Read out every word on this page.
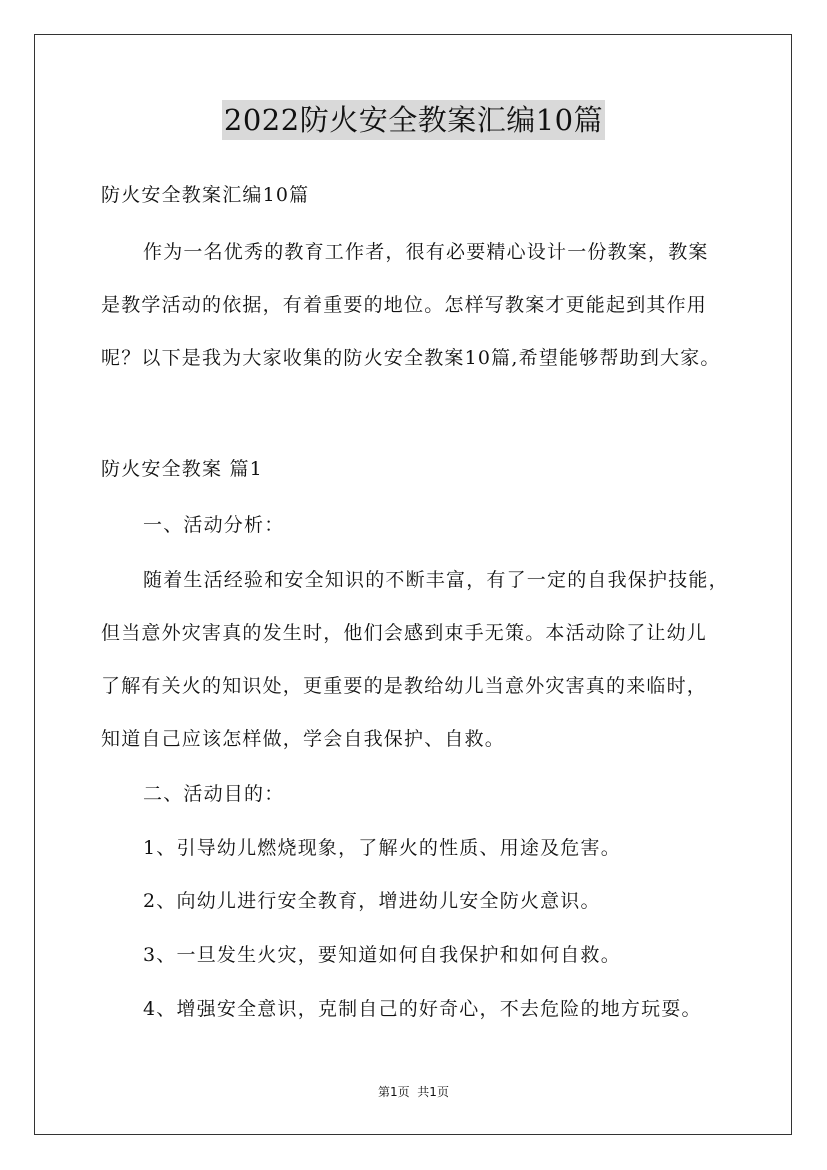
2022防火安全教案汇编10篇
防火安全教案汇编10篇
作为一名优秀的教育工作者，很有必要精心设计一份教案，教案
是教学活动的依据，有着重要的地位。怎样写教案才更能起到其作用
呢？以下是我为大家收集的防火安全教案10篇,希望能够帮助到大家。
防火安全教案 篇1
一、活动分析：
随着生活经验和安全知识的不断丰富，有了一定的自我保护技能，
但当意外灾害真的发生时，他们会感到束手无策。本活动除了让幼儿
了解有关火的知识处，更重要的是教给幼儿当意外灾害真的来临时，
知道自己应该怎样做，学会自我保护、自救。
二、活动目的：
1、引导幼儿燃烧现象，了解火的性质、用途及危害。
2、向幼儿进行安全教育，增进幼儿安全防火意识。
3、一旦发生火灾，要知道如何自我保护和如何自救。
4、增强安全意识，克制自己的好奇心，不去危险的地方玩耍。
第1页  共1页
